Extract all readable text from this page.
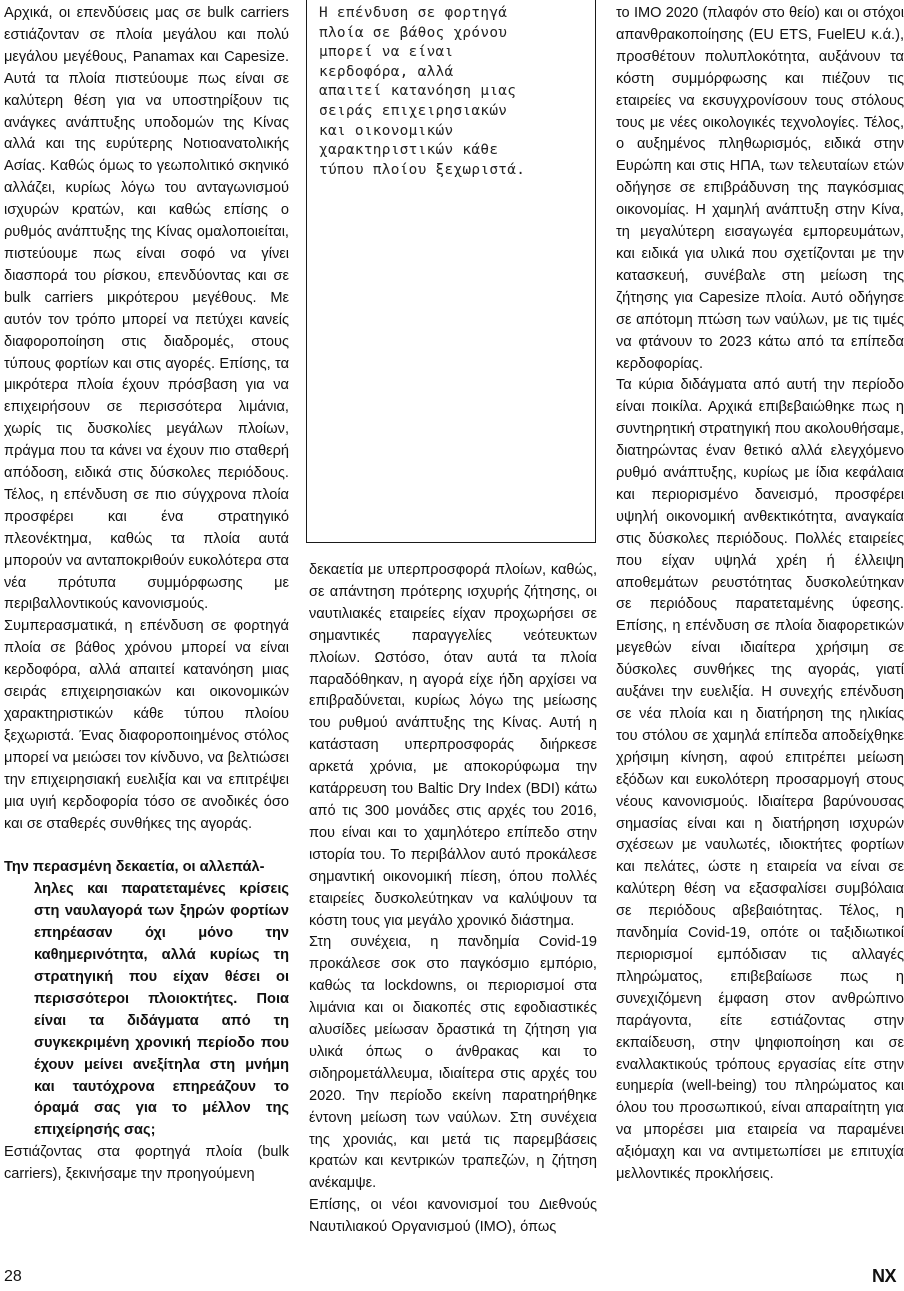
Η επένδυση σε φορτηγά
πλοία σε βάθος χρόνου
μπορεί να είναι
κερδοφόρα, αλλά
απαιτεί κατανόηση μιας
σειράς επιχειρησιακών
και οικονομικών
χαρακτηριστικών κάθε
τύπου πλοίου ξεχωριστά.

Αρχικά, οι επενδύσεις μας σε bulk carriers εστιάζονταν σε πλοία μεγάλου και πολύ μεγάλου μεγέθους, Panamax και Capesize. Αυτά τα πλοία πιστεύουμε πως είναι σε καλύτερη θέση για να υποστηρίξουν τις ανάγκες ανάπτυξης υποδομών της Κίνας αλλά και της ευρύτερης Νοτιοανατολικής Ασίας. Καθώς όμως το γεωπολιτικό σκηνικό αλλάζει, κυρίως λόγω του ανταγωνισμού ισχυρών κρατών, και καθώς επίσης ο ρυθμός ανάπτυξης της Κίνας ομαλοποιείται, πιστεύουμε πως είναι σοφό να γίνει διασπορά του ρίσκου, επενδύοντας και σε bulk carriers μικρότερου μεγέθους. Με αυτόν τον τρόπο μπορεί να πετύχει κανείς διαφοροποίηση στις διαδρομές, στους τύπους φορτίων και στις αγορές. Επίσης, τα μικρότερα πλοία έχουν πρόσβαση για να επιχειρήσουν σε περισσότερα λιμάνια, χωρίς τις δυσκολίες μεγάλων πλοίων, πράγμα που τα κάνει να έχουν πιο σταθερή απόδοση, ειδικά στις δύσκολες περιόδους. Τέλος, η επένδυση σε πιο σύγχρονα πλοία προσφέρει και ένα στρατηγικό πλεονέκτημα, καθώς τα πλοία αυτά μπορούν να ανταποκριθούν ευκολότερα στα νέα πρότυπα συμμόρφωσης με περιβαλλοντικούς κανονισμούς.

Συμπερασματικά, η επένδυση σε φορτηγά πλοία σε βάθος χρόνου μπορεί να είναι κερδοφόρα, αλλά απαιτεί κατανόηση μιας σειράς επιχειρησιακών και οικονομικών χαρακτηριστικών κάθε τύπου πλοίου ξεχωριστά. Ένας διαφοροποιημένος στόλος μπορεί να μειώσει τον κίνδυνο, να βελτιώσει την επιχειρησιακή ευελιξία και να επιτρέψει μια υγιή κερδοφορία τόσο σε ανοδικές όσο και σε σταθερές συνθήκες της αγοράς.

Την περασμένη δεκαετία, οι αλλεπάλ-
ληλες και παρατεταμένες κρίσεις στη ναυλαγορά των ξηρών φορτίων επηρέασαν όχι μόνο την καθημερινότητα, αλλά κυρίως τη στρατηγική που είχαν θέσει οι περισσότεροι πλοιοκτήτες. Ποια είναι τα διδάγματα από τη συγκεκριμένη χρονική περίοδο που έχουν μείνει ανεξίτηλα στη μνήμη και ταυτόχρονα επηρεάζουν το όραμά σας για το μέλλον της επιχείρησής σας;

Εστιάζοντας στα φορτηγά πλοία (bulk carriers), ξεκινήσαμε την προηγούμενη

δεκαετία με υπερπροσφορά πλοίων, καθώς, σε απάντηση πρότερης ισχυρής ζήτησης, οι ναυτιλιακές εταιρείες είχαν προχωρήσει σε σημαντικές παραγγελίες νεότευκτων πλοίων. Ωστόσο, όταν αυτά τα πλοία παραδόθηκαν, η αγορά είχε ήδη αρχίσει να επιβραδύνεται, κυρίως λόγω της μείωσης του ρυθμού ανάπτυξης της Κίνας. Αυτή η κατάσταση υπερπροσφοράς διήρκεσε αρκετά χρόνια, με αποκορύφωμα την κατάρρευση του Baltic Dry Index (BDI) κάτω από τις 300 μονάδες στις αρχές του 2016, που είναι και το χαμηλότερο επίπεδο στην ιστορία του. Το περιβάλλον αυτό προκάλεσε σημαντική οικονομική πίεση, όπου πολλές εταιρείες δυσκολεύτηκαν να καλύψουν τα κόστη τους για μεγάλο χρονικό διάστημα.

Στη συνέχεια, η πανδημία Covid-19 προκάλεσε σοκ στο παγκόσμιο εμπόριο, καθώς τα lockdowns, οι περιορισμοί στα λιμάνια και οι διακοπές στις εφοδιαστικές αλυσίδες μείωσαν δραστικά τη ζήτηση για υλικά όπως ο άνθρακας και το σιδηρομετάλλευμα, ιδιαίτερα στις αρχές του 2020. Την περίοδο εκείνη παρατηρήθηκε έντονη μείωση των ναύλων. Στη συνέχεια της χρονιάς, και μετά τις παρεμβάσεις κρατών και κεντρικών τραπεζών, η ζήτηση ανέκαμψε.

Επίσης, οι νέοι κανονισμοί του Διεθνούς Ναυτιλιακού Οργανισμού (IMO), όπως

το IMO 2020 (πλαφόν στο θείο) και οι στόχοι απανθρακοποίησης (EU ETS, FuelEU κ.ά.), προσθέτουν πολυπλοκότητα, αυξάνουν τα κόστη συμμόρφωσης και πιέζουν τις εταιρείες να εκσυγχρονίσουν τους στόλους τους με νέες οικολογικές τεχνολογίες. Τέλος, ο αυξημένος πληθωρισμός, ειδικά στην Ευρώπη και στις ΗΠΑ, των τελευταίων ετών οδήγησε σε επιβράδυνση της παγκόσμιας οικονομίας. Η χαμηλή ανάπτυξη στην Κίνα, τη μεγαλύτερη εισαγωγέα εμπορευμάτων, και ειδικά για υλικά που σχετίζονται με την κατασκευή, συνέβαλε στη μείωση της ζήτησης για Capesize πλοία. Αυτό οδήγησε σε απότομη πτώση των ναύλων, με τις τιμές να φτάνουν το 2023 κάτω από τα επίπεδα κερδοφορίας.

Τα κύρια διδάγματα από αυτή την περίοδο είναι ποικίλα. Αρχικά επιβεβαιώθηκε πως η συντηρητική στρατηγική που ακολουθήσαμε, διατηρώντας έναν θετικό αλλά ελεγχόμενο ρυθμό ανάπτυξης, κυρίως με ίδια κεφάλαια και περιορισμένο δανεισμό, προσφέρει υψηλή οικονομική ανθεκτικότητα, αναγκαία στις δύσκολες περιόδους. Πολλές εταιρείες που είχαν υψηλά χρέη ή έλλειψη αποθεμάτων ρευστότητας δυσκολεύτηκαν σε περιόδους παρατεταμένης ύφεσης. Επίσης, η επένδυση σε πλοία διαφορετικών μεγεθών είναι ιδιαίτερα χρήσιμη σε δύσκολες συνθήκες της αγοράς, γιατί αυξάνει την ευελιξία. Η συνεχής επένδυση σε νέα πλοία και η διατήρηση της ηλικίας του στόλου σε χαμηλά επίπεδα αποδείχθηκε χρήσιμη κίνηση, αφού επιτρέπει μείωση εξόδων και ευκολότερη προσαρμογή στους νέους κανονισμούς. Ιδιαίτερα βαρύνουσας σημασίας είναι και η διατήρηση ισχυρών σχέσεων με ναυλωτές, ιδιοκτήτες φορτίων και πελάτες, ώστε η εταιρεία να είναι σε καλύτερη θέση να εξασφαλίσει συμβόλαια σε περιόδους αβεβαιότητας. Τέλος, η πανδημία Covid-19, οπότε οι ταξιδιωτικοί περιορισμοί εμπόδισαν τις αλλαγές πληρώματος, επιβεβαίωσε πως η συνεχιζόμενη έμφαση στον ανθρώπινο παράγοντα, είτε εστιάζοντας στην εκπαίδευση, στην ψηφιοποίηση και σε εναλλακτικούς τρόπους εργασίας είτε στην ευημερία (well-being) του πληρώματος και όλου του προσωπικού, είναι απαραίτητη για να μπορέσει μια εταιρεία να παραμένει αξιόμαχη και να αντιμετωπίσει με επιτυχία μελλοντικές προκλήσεις.

28	NX
